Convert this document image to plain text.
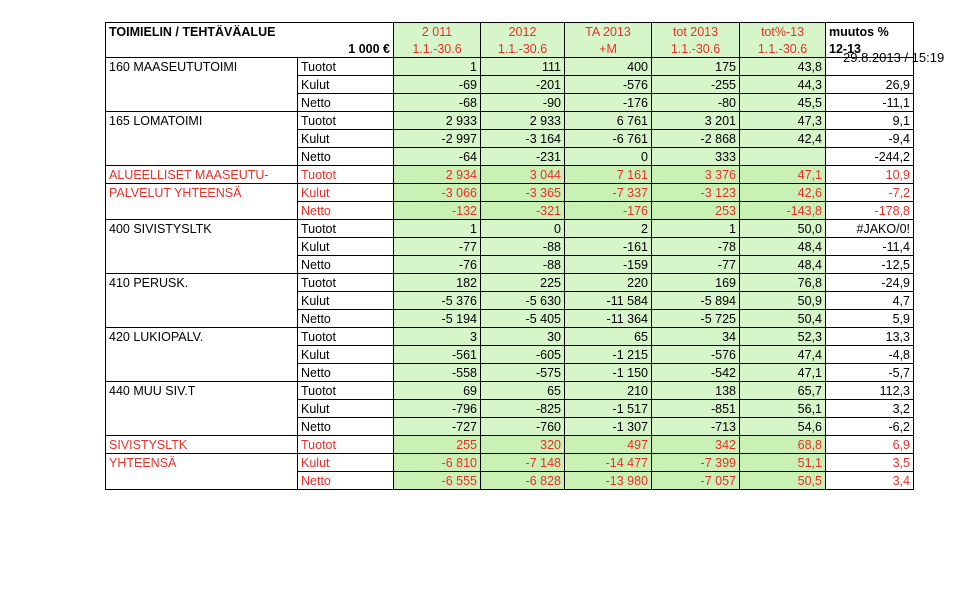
TOIMIELIN / TEHTÄVÄALUE		2 011	2012	TA 2013	tot 2013	tot%-13	muutos %
	1 000 €	1.1.-30.6	1.1.-30.6	+M	1.1.-30.6	1.1.-30.6	12-13
160 MAASEUTUTOIMI	Tuotot	1	111	400	175	43,8	
	Kulut	-69	-201	-576	-255	44,3	26,9
	Netto	-68	-90	-176	-80	45,5	-11,1
165 LOMATOIMI	Tuotot	2 933	2 933	6 761	3 201	47,3	9,1
	Kulut	-2 997	-3 164	-6 761	-2 868	42,4	-9,4
	Netto	-64	-231	0	333		-244,2
ALUEELLISET MAASEUTU-	Tuotot	2 934	3 044	7 161	3 376	47,1	10,9
PALVELUT YHTEENSÄ	Kulut	-3 066	-3 365	-7 337	-3 123	42,6	-7,2
	Netto	-132	-321	-176	253	-143,8	-178,8
400 SIVISTYSLTK	Tuotot	1	0	2	1	50,0	#JAKO/0!
	Kulut	-77	-88	-161	-78	48,4	-11,4
	Netto	-76	-88	-159	-77	48,4	-12,5
410 PERUSK.	Tuotot	182	225	220	169	76,8	-24,9
	Kulut	-5 376	-5 630	-11 584	-5 894	50,9	4,7
	Netto	-5 194	-5 405	-11 364	-5 725	50,4	5,9
420 LUKIOPALV.	Tuotot	3	30	65	34	52,3	13,3
	Kulut	-561	-605	-1 215	-576	47,4	-4,8
	Netto	-558	-575	-1 150	-542	47,1	-5,7
440 MUU SIV.T	Tuotot	69	65	210	138	65,7	112,3
	Kulut	-796	-825	-1 517	-851	56,1	3,2
	Netto	-727	-760	-1 307	-713	54,6	-6,2
SIVISTYSLTK	Tuotot	255	320	497	342	68,8	6,9
YHTEENSÄ	Kulut	-6 810	-7 148	-14 477	-7 399	51,1	3,5
	Netto	-6 555	-6 828	-13 980	-7 057	50,5	3,4
29.8.2013 / 15:19
